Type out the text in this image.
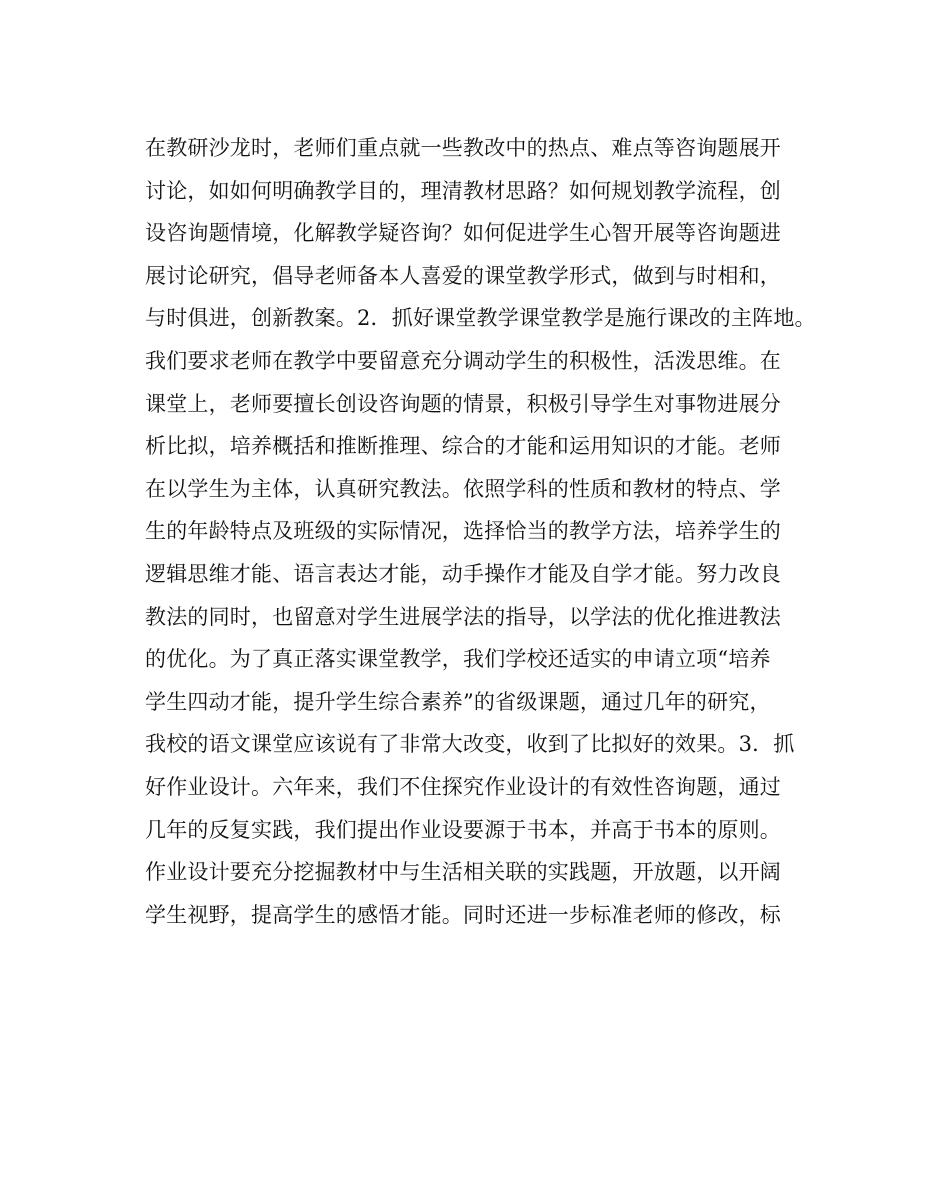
在教研沙龙时，老师们重点就一些教改中的热点、难点等咨询题展开
讨论，如如何明确教学目的，理清教材思路？如何规划教学流程，创
设咨询题情境，化解教学疑咨询？如何促进学生心智开展等咨询题进
展讨论研究，倡导老师备本人喜爱的课堂教学形式，做到与时相和，
与时俱进，创新教案。2．抓好课堂教学课堂教学是施行课改的主阵地。
我们要求老师在教学中要留意充分调动学生的积极性，活泼思维。在
课堂上，老师要擅长创设咨询题的情景，积极引导学生对事物进展分
析比拟，培养概括和推断推理、综合的才能和运用知识的才能。老师
在以学生为主体，认真研究教法。依照学科的性质和教材的特点、学
生的年龄特点及班级的实际情况，选择恰当的教学方法，培养学生的
逻辑思维才能、语言表达才能，动手操作才能及自学才能。努力改良
教法的同时，也留意对学生进展学法的指导，以学法的优化推进教法
的优化。为了真正落实课堂教学，我们学校还适实的申请立项“培养
学生四动才能，提升学生综合素养”的省级课题，通过几年的研究，
我校的语文课堂应该说有了非常大改变，收到了比拟好的效果。3．抓
好作业设计。六年来，我们不住探究作业设计的有效性咨询题，通过
几年的反复实践，我们提出作业设要源于书本，并高于书本的原则。
作业设计要充分挖掘教材中与生活相关联的实践题，开放题，以开阔
学生视野，提高学生的感悟才能。同时还进一步标准老师的修改，标
